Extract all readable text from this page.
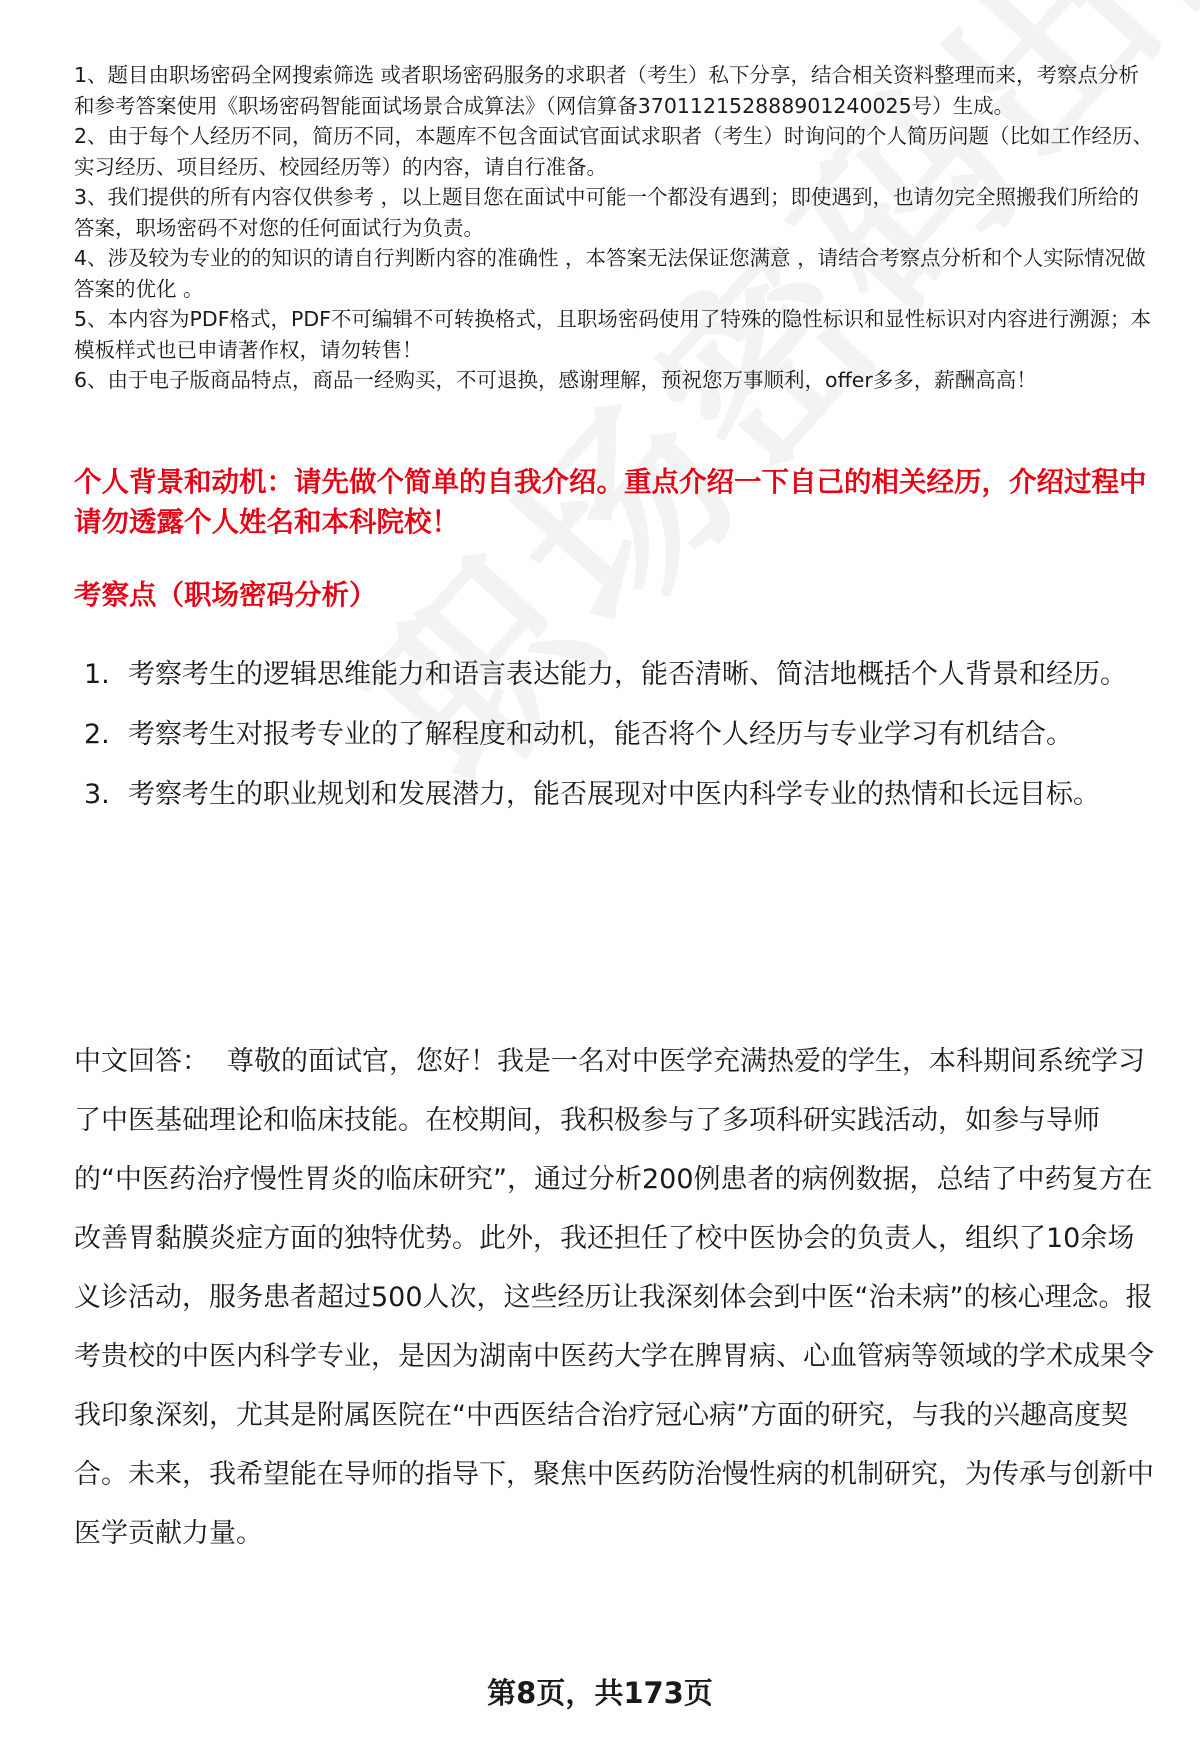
1、题目由职场密码全网搜索筛选 或者职场密码服务的求职者（考生）私下分享，结合相关资料整理而来，考察点分析和参考答案使用《职场密码智能面试场景合成算法》（网信算备370112152888901240025号）生成。

2、由于每个人经历不同，简历不同，本题库不包含面试官面试求职者（考生）时询问的个人简历问题（比如工作经历、实习经历、项目经历、校园经历等）的内容，请自行准备。

3、我们提供的所有内容仅供参考 ，以上题目您在面试中可能一个都没有遇到；即使遇到，也请勿完全照搬我们所给的答案，职场密码不对您的任何面试行为负责。

4、涉及较为专业的的知识的请自行判断内容的准确性 ，本答案无法保证您满意 ，请结合考察点分析和个人实际情况做答案的优化 。

5、本内容为PDF格式，PDF不可编辑不可转换格式，且职场密码使用了特殊的隐性标识和显性标识对内容进行溯源；本模板样式也已申请著作权，请勿转售！

6、由于电子版商品特点，商品一经购买，不可退换，感谢理解，预祝您万事顺利，offer多多，薪酬高高！

个人背景和动机：请先做个简单的自我介绍。重点介绍一下自己的相关经历，介绍过程中请勿透露个人姓名和本科院校！
考察点（职场密码分析）
1. 考察考生的逻辑思维能力和语言表达能力，能否清晰、简洁地概括个人背景和经历。
2. 考察考生对报考专业的了解程度和动机，能否将个人经历与专业学习有机结合。
3. 考察考生的职业规划和发展潜力，能否展现对中医内科学专业的热情和长远目标。

中文回答： 尊敬的面试官，您好！我是一名对中医学充满热爱的学生，本科期间系统学习了中医基础理论和临床技能。在校期间，我积极参与了多项科研实践活动，如参与导师的“中医药治疗慢性胃炎的临床研究”，通过分析200例患者的病例数据，总结了中药复方在改善胃黏膜炎症方面的独特优势。此外，我还担任了校中医协会的负责人，组织了10余场义诊活动，服务患者超过500人次，这些经历让我深刻体会到中医“治未病”的核心理念。报考贵校的中医内科学专业，是因为湖南中医药大学在脾胃病、心血管病等领域的学术成果令我印象深刻，尤其是附属医院在“中西医结合治疗冠心病”方面的研究，与我的兴趣高度契合。未来，我希望能在导师的指导下，聚焦中医药防治慢性病的机制研究，为传承与创新中医学贡献力量。

第8页，共173页
